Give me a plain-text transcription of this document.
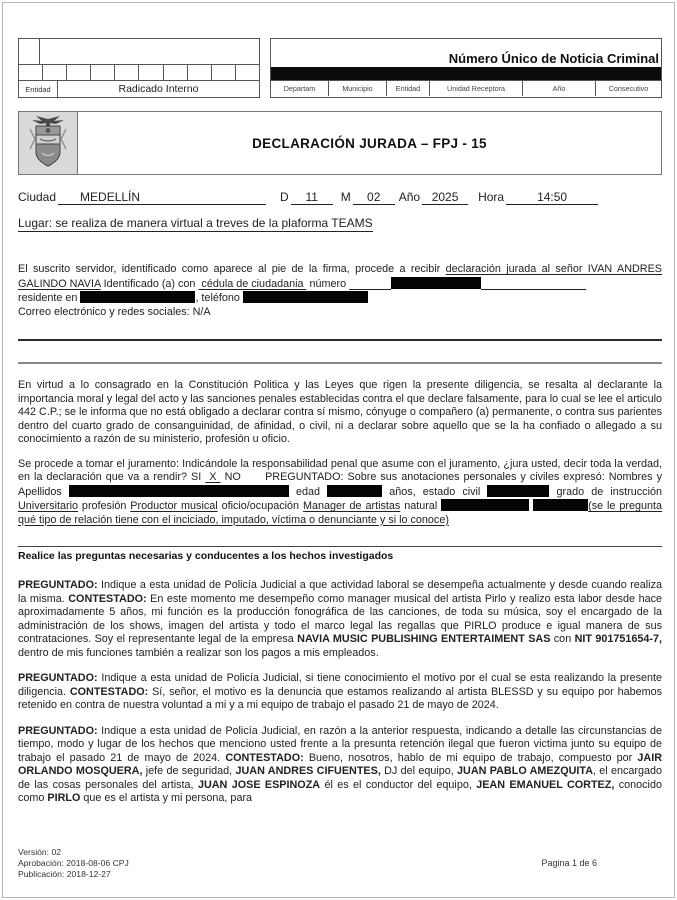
Entidad	Radicado Interno
Número Único de Noticia Criminal
Departam	Municipio	Entidad	Unidad Receptora	Año	Consecutivo
DECLARACIÓN JURADA – FPJ - 15
Ciudad	MEDELLÍN	D	11	M	02	Año 2025	Hora	14:50
Lugar: se realiza de manera virtual a treves de la plaforma TEAMS
El suscrito servidor, identificado como aparece al pie de la firma, procede a recibir declaración jurada al señor IVAN ANDRES GALINDO NAVIA Identificado (a) con  cédula de ciudadania  número
residente en	, teléfono
Correo electrónico y redes sociales: N/A
En virtud a lo consagrado en la Constitución Politica y las Leyes que rigen la presente diligencia, se resalta al declarante la importancia moral y legal del acto y las sanciones penales establecidas contra el que declare falsamente, para lo cual se lee el articulo 442 C.P.; se le informa que no está obligado a declarar contra sí mismo, cónyuge o compañero (a) permanente, o contra sus parientes dentro del cuarto grado de consanguinidad, de afinidad, o civil, ni a declarar sobre aquello que se la ha confiado o allegado a su conocimiento a razón de su ministerio, profesión u oficio.
Se procede a tomar el juramento: Indicándole la responsabilidad penal que asume con el juramento, ¿jura usted, decir toda la verdad, en la declaración que va a rendir? SI  X  NO      PREGUNTADO: Sobre sus anotaciones personales y civiles expresó: Nombres y Apellidos	edad	años, estado civil	grado de instrucción Universitario profesión Productor musical oficio/ocupación Manager de artistas natural	(se le pregunta qué tipo de relación tiene con el inciciado, imputado, víctima o denunciante y si lo conoce)
Realice las preguntas necesarias y conducentes a los hechos investigados
PREGUNTADO: Indique a esta unidad de Policía Judicial a que actividad laboral se desempeña actualmente y desde cuando realiza la misma. CONTESTADO: En este momento me desempeño como manager musical del artista Pirlo y realizo esta labor desde hace aproximadamente 5 años, mi función es la producción fonográfica de las canciones, de toda su música, soy el encargado de la administración de los shows, imagen del artista y todo el marco legal las regallas que PIRLO produce e igual manera de sus contrataciones. Soy el representante legal de la empresa NAVIA MUSIC PUBLISHING ENTERTAIMENT SAS con NIT 901751654-7, dentro de mis funciones también a realizar son los pagos a mis empleados.
PREGUNTADO: Indique a esta unidad de Policía Judicial, si tiene conocimiento el motivo por el cual se esta realizando la presente diligencia. CONTESTADO: Sí, señor, el motivo es la denuncia que estamos realizando al artista BLESSD y su equipo por habemos retenido en contra de nuestra voluntad a mi y a mi equipo de trabajo el pasado 21 de mayo de 2024.
PREGUNTADO: Indique a esta unidad de Policía Judicial, en razón a la anterior respuesta, indicando a detalle las circunstancias de tiempo, modo y lugar de los hechos que menciono usted frente a la presunta retención ilegal que fueron victima junto su equipo de trabajo el pasado 21 de mayo de 2024. CONTESTADO: Bueno, nosotros, hablo de mi equipo de trabajo, compuesto por JAIR ORLANDO MOSQUERA, jefe de seguridad, JUAN ANDRES CIFUENTES, DJ del equipo, JUAN PABLO AMEZQUITA, el encargado de las cosas personales del artista, JUAN JOSE ESPINOZA él es el conductor del equipo, JEAN EMANUEL CORTEZ, conocido como PIRLO que es el artista y mi persona, para
Versión: 02
Aprobación: 2018-08-06 CPJ
Publicación: 2018-12-27
Pagina 1 de 6
